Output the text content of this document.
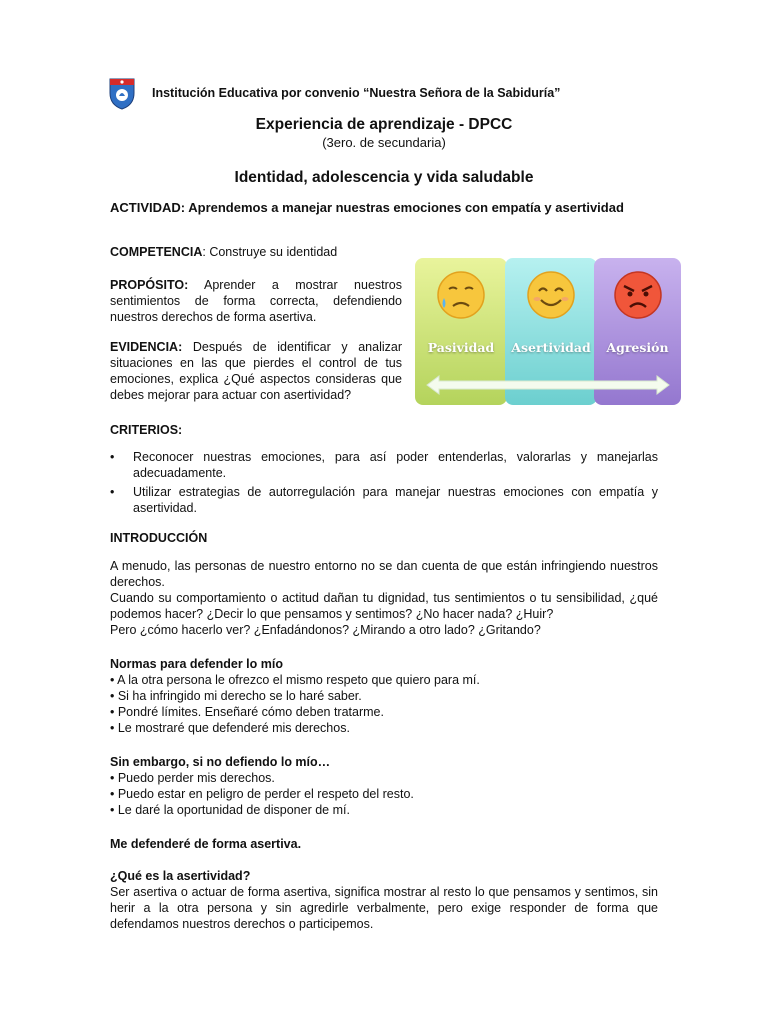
Institución Educativa por convenio “Nuestra Señora de la Sabiduría”
Experiencia de aprendizaje - DPCC
(3ero. de secundaria)
Identidad, adolescencia y vida saludable
ACTIVIDAD: Aprendemos a manejar nuestras emociones con empatía y asertividad

COMPETENCIA: Construye su identidad

PROPÓSITO: Aprender a mostrar nuestros sentimientos de forma correcta, defendiendo nuestros derechos de forma asertiva.

EVIDENCIA: Después de identificar y analizar situaciones en las que pierdes el control de tus emociones, explica ¿Qué aspectos consideras que debes mejorar para actuar con asertividad?

Pasividad	Asertividad	Agresión

CRITERIOS:

• Reconocer nuestras emociones, para así poder entenderlas, valorarlas y manejarlas adecuadamente.
• Utilizar estrategias de autorregulación para manejar nuestras emociones con empatía y asertividad.

INTRODUCCIÓN

A menudo, las personas de nuestro entorno no se dan cuenta de que están infringiendo nuestros derechos.

Cuando su comportamiento o actitud dañan tu dignidad, tus sentimientos o tu sensibilidad, ¿qué podemos hacer? ¿Decir lo que pensamos y sentimos? ¿No hacer nada? ¿Huir?

Pero ¿cómo hacerlo ver? ¿Enfadándonos? ¿Mirando a otro lado? ¿Gritando?

Normas para defender lo mío

• A la otra persona le ofrezco el mismo respeto que quiero para mí.

• Si ha infringido mi derecho se lo haré saber.

• Pondré límites. Enseñaré cómo deben tratarme.

• Le mostraré que defenderé mis derechos.

Sin embargo, si no defiendo lo mío…

• Puedo perder mis derechos.

• Puedo estar en peligro de perder el respeto del resto.

• Le daré la oportunidad de disponer de mí.

Me defenderé de forma asertiva.

¿Qué es la asertividad?

Ser asertiva o actuar de forma asertiva, significa mostrar al resto lo que pensamos y sentimos, sin herir a la otra persona y sin agredirle verbalmente, pero exige responder de forma que defendamos nuestros derechos o participemos.
